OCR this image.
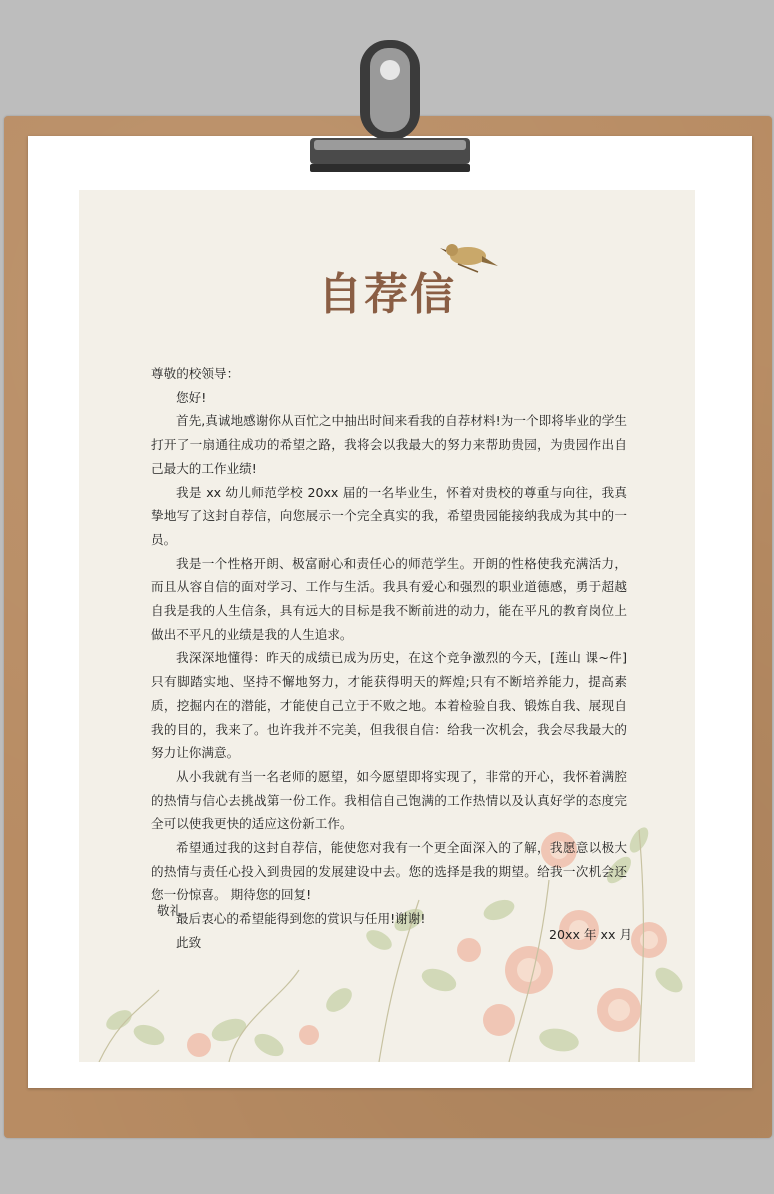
自荐信

尊敬的校领导：

您好!

首先,真诚地感谢你从百忙之中抽出时间来看我的自荐材料!为一个即将毕业的学生打开了一扇通往成功的希望之路，我将会以我最大的努力来帮助贵园，为贵园作出自己最大的工作业绩!

我是 xx 幼儿师范学校 20xx 届的一名毕业生，怀着对贵校的尊重与向往，我真挚地写了这封自荐信，向您展示一个完全真实的我，希望贵园能接纳我成为其中的一员。

我是一个性格开朗、极富耐心和责任心的师范学生。开朗的性格使我充满活力，而且从容自信的面对学习、工作与生活。我具有爱心和强烈的职业道德感，勇于超越自我是我的人生信条，具有远大的目标是我不断前进的动力，能在平凡的教育岗位上做出不平凡的业绩是我的人生追求。

我深深地懂得：昨天的成绩已成为历史，在这个竞争激烈的今天，[莲山 课~件]只有脚踏实地、坚持不懈地努力，才能获得明天的辉煌;只有不断培养能力，提高素质，挖掘内在的潜能，才能使自己立于不败之地。本着检验自我、锻炼自我、展现自我的目的，我来了。也许我并不完美，但我很自信：给我一次机会，我会尽我最大的努力让你满意。

从小我就有当一名老师的愿望，如今愿望即将实现了，非常的开心，我怀着满腔的热情与信心去挑战第一份工作。我相信自己饱满的工作热情以及认真好学的态度完全可以使我更快的适应这份新工作。

希望通过我的这封自荐信，能使您对我有一个更全面深入的了解，我愿意以极大的热情与责任心投入到贵园的发展建设中去。您的选择是我的期望。给我一次机会还您一份惊喜。 期待您的回复!

最后衷心的希望能得到您的赏识与任用!谢谢!

此致

敬礼
20xx 年 xx 月
